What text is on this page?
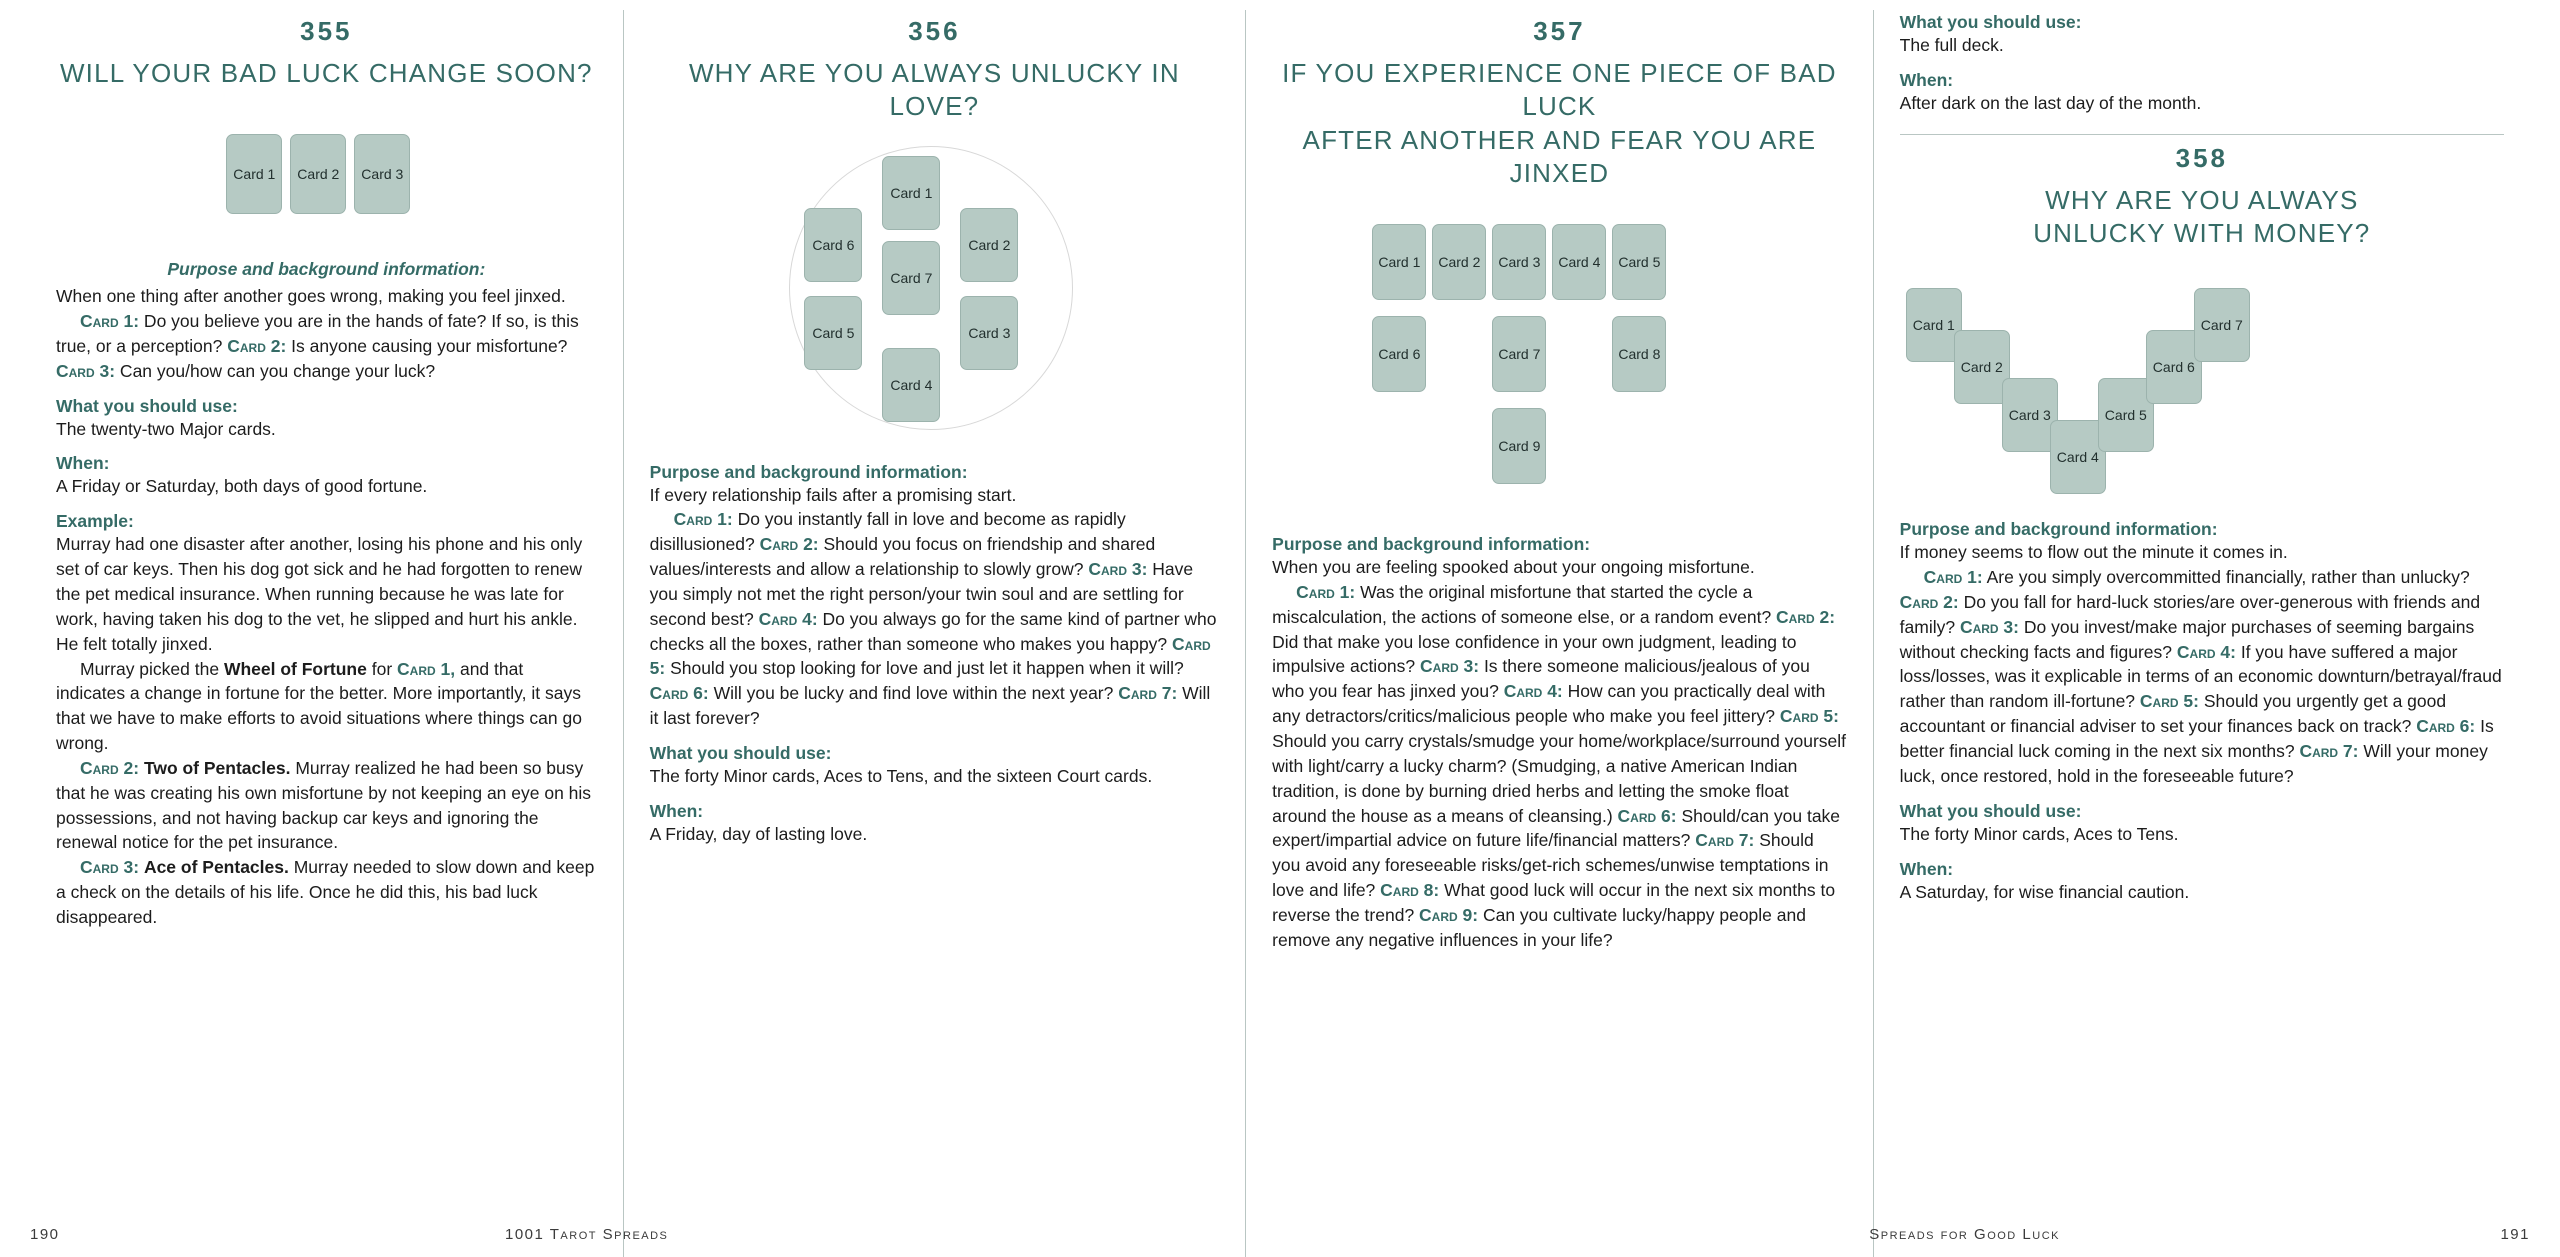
355
WILL YOUR BAD LUCK CHANGE SOON?
Card 1	Card 2	Card 3
Purpose and background information:
When one thing after another goes wrong, making you feel jinxed.
Card 1: Do you believe you are in the hands of fate? If so, is this true, or a perception? Card 2: Is anyone causing your misfortune? Card 3: Can you/how can you change your luck?
What you should use:
The twenty-two Major cards.
When:
A Friday or Saturday, both days of good fortune.
Example:
Murray had one disaster after another, losing his phone and his only set of car keys. Then his dog got sick and he had forgotten to renew the pet medical insurance. When running because he was late for work, having taken his dog to the vet, he slipped and hurt his ankle. He felt totally jinxed.
Murray picked the Wheel of Fortune for Card 1, and that indicates a change in fortune for the better. More importantly, it says that we have to make efforts to avoid situations where things can go wrong.
Card 2: Two of Pentacles. Murray realized he had been so busy that he was creating his own misfortune by not keeping an eye on his possessions, and not having backup car keys and ignoring the renewal notice for the pet insurance.
Card 3: Ace of Pentacles. Murray needed to slow down and keep a check on the details of his life. Once he did this, his bad luck disappeared.
356
WHY ARE YOU ALWAYS UNLUCKY IN LOVE?
Card 1
Card 6	Card 2
Card 7
Card 5	Card 3
Card 4
Purpose and background information:
If every relationship fails after a promising start.
Card 1: Do you instantly fall in love and become as rapidly disillusioned? Card 2: Should you focus on friendship and shared values/interests and allow a relationship to slowly grow? Card 3: Have you simply not met the right person/your twin soul and are settling for second best? Card 4: Do you always go for the same kind of partner who checks all the boxes, rather than someone who makes you happy? Card 5: Should you stop looking for love and just let it happen when it will? Card 6: Will you be lucky and find love within the next year? Card 7: Will it last forever?
What you should use:
The forty Minor cards, Aces to Tens, and the sixteen Court cards.
When:
A Friday, day of lasting love.
357
IF YOU EXPERIENCE ONE PIECE OF BAD LUCK
AFTER ANOTHER AND FEAR YOU ARE JINXED
Card 1	Card 2	Card 3	Card 4	Card 5
Card 6	Card 7	Card 8
Card 9
Purpose and background information:
When you are feeling spooked about your ongoing misfortune.
Card 1: Was the original misfortune that started the cycle a miscalculation, the actions of someone else, or a random event? Card 2: Did that make you lose confidence in your own judgment, leading to impulsive actions? Card 3: Is there someone malicious/jealous of you who you fear has jinxed you? Card 4: How can you practically deal with any detractors/critics/malicious people who make you feel jittery? Card 5: Should you carry crystals/smudge your home/workplace/surround yourself with light/carry a lucky charm? (Smudging, a native American Indian tradition, is done by burning dried herbs and letting the smoke float around the house as a means of cleansing.) Card 6: Should/can you take expert/impartial advice on future life/financial matters? Card 7: Should you avoid any foreseeable risks/get-rich schemes/unwise temptations in love and life? Card 8: What good luck will occur in the next six months to reverse the trend? Card 9: Can you cultivate lucky/happy people and remove any negative influences in your life?
What you should use:
The full deck.
When:
After dark on the last day of the month.
358
WHY ARE YOU ALWAYS
UNLUCKY WITH MONEY?
Card 1
Card 2
Card 3
Card 4
Card 5
Card 6
Card 7
Purpose and background information:
If money seems to flow out the minute it comes in.
Card 1: Are you simply overcommitted financially, rather than unlucky? Card 2: Do you fall for hard-luck stories/are over-generous with friends and family? Card 3: Do you invest/make major purchases of seeming bargains without checking facts and figures? Card 4: If you have suffered a major loss/losses, was it explicable in terms of an economic downturn/betrayal/fraud rather than random ill-fortune? Card 5: Should you urgently get a good accountant or financial adviser to set your finances back on track? Card 6: Is better financial luck coming in the next six months? Card 7: Will your money luck, once restored, hold in the foreseeable future?
What you should use:
The forty Minor cards, Aces to Tens.
When:
A Saturday, for wise financial caution.
190	1001 Tarot Spreads	Spreads for Good Luck	191
